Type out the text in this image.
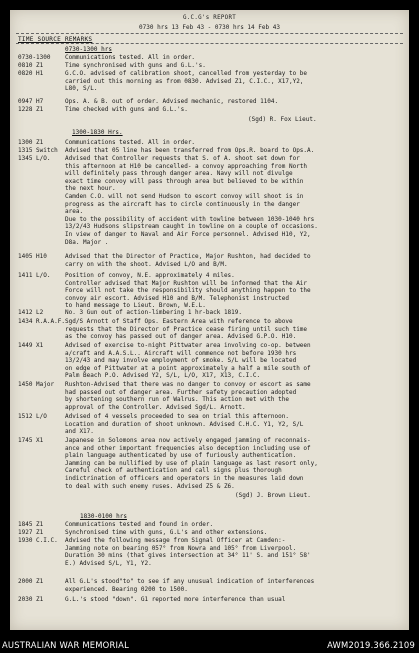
G.C.G's REPORT
0730 hrs 13 Feb 43 - 0730 hrs 14 Feb 43
TIME SOURCE REMARKS
0730-1300 hrs
0730-1300	Communications tested. All in order.
0810 Z1	Time synchronised with guns and G.L.'s.
0820 H1	G.C.O. advised of calibration shoot, cancelled from yesterday to be
carried out this morning as from 0830. Advised Z1, C.I.C., X17,Y2,
L80, S/L.
0947 H7	Ops. A. & B. out of order. Advised mechanic, restored 1104.
1228 Z1	Time checked with guns and G.L.'s.
(Sgd) R. Fox Lieut.
1300-1830 Hrs.
1300 Z1	Communications tested. All in order.
1315 Switch	Advised that 05 line has been transferred from Ops.R. board to Ops.A.
1345 L/O.	Advised that Controller requests that S. of A. shoot set down for
this afternoon at H10 be cancelled- a convoy approaching from North
will definitely pass through danger area. Navy will not divulge
exact time convoy will pass through area but believed to be within
the next hour.
Camden C.O. will not send Hudson to escort convoy will shoot is in
progress as the aircraft has to circle continuously in the danger
area.
Due to the possibility of accident with towline between 1030-1040 hrs
13/2/43 Hudsons slipstream caught in towline on a couple of occasions.
In view of danger to Naval and Air Force personnel. Advised H10, Y2,
D8a. Major .
1405 H10	Advised that the Director of Practice, Major Rushton, had decided to
carry on with the shoot. Advised L/O and B/M.
1411 L/O.	Position of convoy, N.E. approximately 4 miles.
Controller advised that Major Rushton will be informed that the Air
Force will not take the responsibility should anything happen to the
convoy air escort. Advised H10 and B/M. Telephonist instructed
to hand message to Lieut. Brown, W.E.L.
1412 L2	No. 3 Gun out of action-limbering 1 hr-back 1819.
1434 R.A.A.F. Sgd/S Arnott of Staff Ops. Eastern Area with reference to above
requests that the Director of Practice cease firing until such time
as the convoy has passed out of danger area. Advised G.P.O. H10.
1449 X1	Advised of exercise to-night Pittwater area involving co-op. between
a/craft and A.A.S.L.. Aircraft will commence not before 1930 hrs
13/2/43 and may involve employment of smoke. S/L will be located
on edge of Pittwater at a point approximately a half a mile south of
Palm Beach P.O. Advised Y2, S/L, L/O, X17, X13, C.I.C.
1450 Major	Rushton-Advised that there was no danger to convoy or escort as same
had passed out of danger area. Further safety precaution adopted
by shortening southern run of Walrus. This action met with the
approval of the Controller. Advised Sgd/L. Arnott.
1512 L/O	Advised of 4 vessels proceeded to sea on trial this afternoon.
Location and duration of shoot unknown. Advised C.H.C. Y1, Y2, S/L
and X17.
1745 X1	Japanese in Solomons area now actively engaged jamming of reconnais-
ance and other important frequencies also deception including use of
plain language authenticated by use of furiously authentication.
Jamming can be nullified by use of plain language as last resort only,
Careful check of authentication and call signs plus thorough
indictrination of officers and operators in the measures laid down
to deal with such enemy ruses. Advised Z5 & Z6.
(Sgd) J. Brown Lieut.
1830-0100 hrs
1845 Z1	Communications tested and found in order.
1927 Z1	Synchronised time with guns, G.L's and other extensions.
1930 C.I.C.	Advised the following message from Signal Officer at Camden:-
Jamming note on bearing 057° from Nowra and 105° from Liverpool.
Duration 30 mins (that gives intersection at 34° 11' S. and 151° 58'
E.) Advised S/L, Y1, Y2.
2000 Z1	All G.L's stood"to" to see if any unusual indication of interferences
experienced. Bearing 0200 to 1500.
2030 Z1	G.L.'s stood "down". G1 reported more interference than usual
AUSTRALIAN WAR MEMORIAL	AWM2019.366.2109
